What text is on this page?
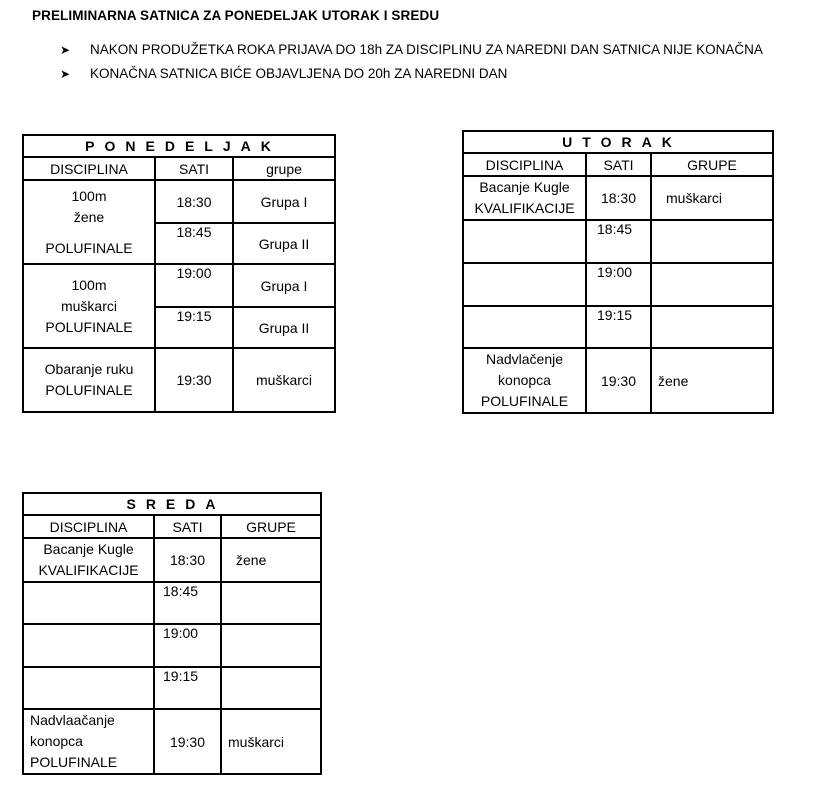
PRELIMINARNA SATNICA ZA PONEDELJAK UTORAK I SREDU
➤	NAKON PRODUŽETKA ROKA PRIJAVA DO 18h ZA DISCIPLINU ZA NAREDNI DAN SATNICA NIJE KONAČNA
➤	KONAČNA SATNICA BIĆE OBJAVLJENA DO 20h ZA NAREDNI DAN
PONEDELJAK		
DISCIPLINA	SATI	grupe

100m
žene
POLUFINALE	18:30	Grupa I
	18:45	Grupa II

100m
muškarci
POLUFINALE	19:00	Grupa I
	19:15	Grupa II

Obaranje ruku
POLUFINALE	19:30	muškarci
UTORAK		
DISCIPLINA	SATI	GRUPE

Bacanje Kugle
KVALIFIKACIJE	18:30	muškarci
	18:45	
	19:00	
	19:15	

Nadvlačenje
konopca
POLUFINALE	19:30	žene
SREDA		
DISCIPLINA	SATI	GRUPE

Bacanje Kugle
KVALIFIKACIJE	18:30	žene
	18:45	
	19:00	
	19:15	

Nadvlaačanje
konopca
POLUFINALE	19:30	muškarci
